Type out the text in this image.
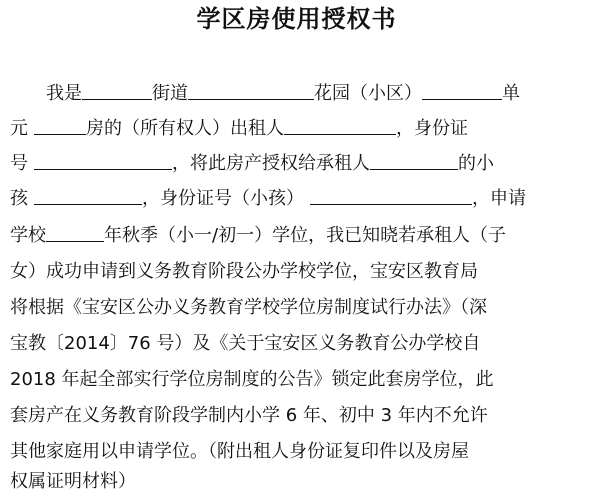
学区房使用授权书
我是	街道	花园（小区）	单
元	房的（所有权人）出租人	，身份证
号	，将此房产授权给承租人	的小
孩	，身份证号（小孩）	，申请
学校	年秋季（小一/初一）学位，我已知晓若承租人（子
女）成功申请到义务教育阶段公办学校学位，宝安区教育局
将根据《宝安区公办义务教育学校学位房制度试行办法》（深
宝教〔2014〕76 号）及《关于宝安区义务教育公办学校自
2018 年起全部实行学位房制度的公告》锁定此套房学位，此
套房产在义务教育阶段学制内小学 6 年、初中 3 年内不允许
其他家庭用以申请学位。（附出租人身份证复印件以及房屋
权属证明材料）
